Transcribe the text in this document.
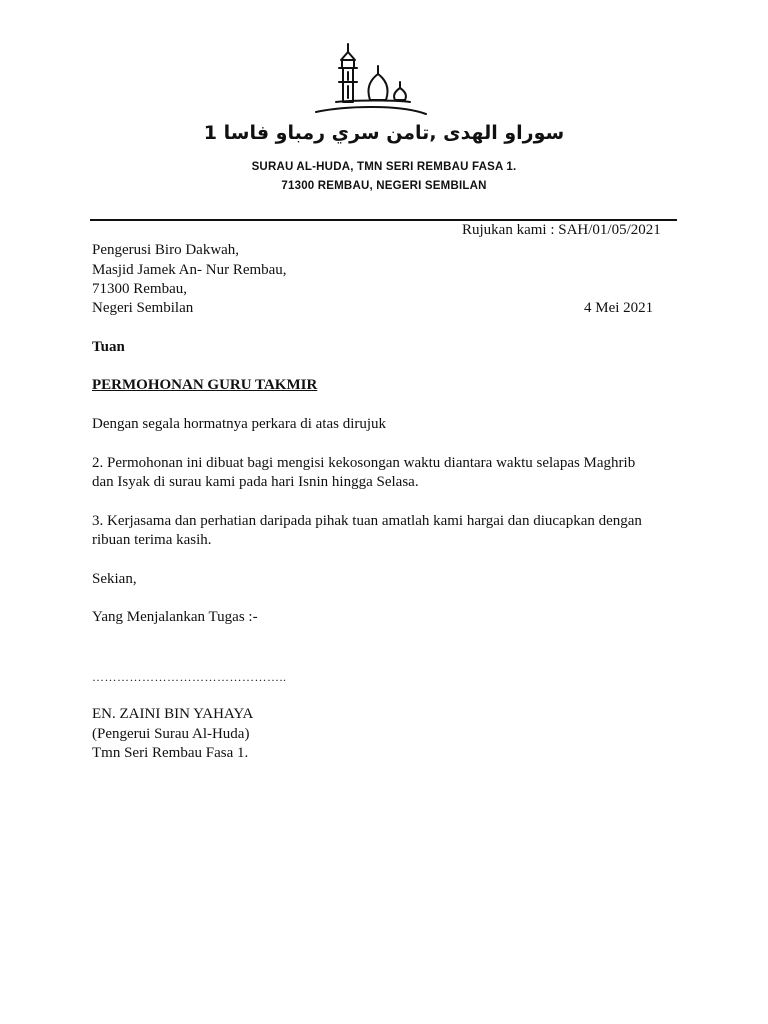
سوراو الهدى ,تامن سري رمباو فاسا 1
SURAU AL-HUDA, TMN SERI REMBAU FASA 1.
71300 REMBAU, NEGERI SEMBILAN
Rujukan kami : SAH/01/05/2021
Pengerusi Biro Dakwah,
Masjid Jamek An- Nur Rembau,
71300 Rembau,
Negeri Sembilan	4 Mei 2021
Tuan
PERMOHONAN GURU TAKMIR
Dengan segala hormatnya perkara di atas dirujuk
2. Permohonan ini dibuat bagi mengisi kekosongan waktu diantara waktu selapas Maghrib
dan Isyak di surau kami pada hari Isnin hingga Selasa.
3. Kerjasama dan perhatian daripada pihak tuan amatlah kami hargai dan diucapkan dengan
ribuan terima kasih.
Sekian,
Yang Menjalankan Tugas :-
………………………………………..
EN. ZAINI BIN YAHAYA
(Pengerui Surau Al-Huda)
Tmn Seri Rembau Fasa 1.
